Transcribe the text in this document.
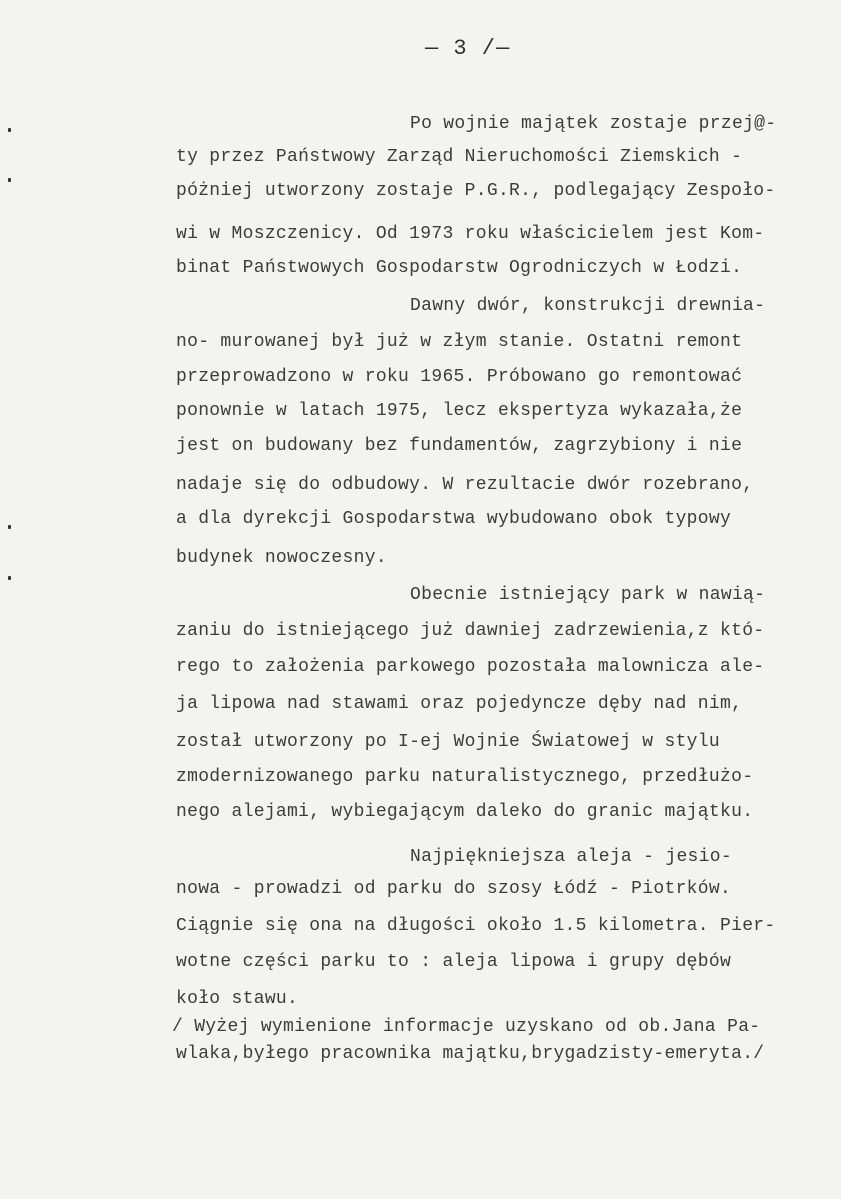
— 3 /—
Po wojnie majątek zostaje przej@-
ty przez Państwowy Zarząd Nieruchomości Ziemskich -
póżniej utworzony zostaje P.G.R., podlegający Zespoło-
wi w Moszczenicy. Od 1973 roku właścicielem jest Kom-
binat Państwowych Gospodarstw Ogrodniczych w Łodzi.
Dawny dwór, konstrukcji drewnia-
no- murowanej był już w złym stanie. Ostatni remont
przeprowadzono w roku 1965. Próbowano go remontować
ponownie w latach 1975, lecz ekspertyza wykazała,że
jest on budowany bez fundamentów, zagrzybiony i nie
nadaje się do odbudowy. W rezultacie dwór rozebrano,
a dla dyrekcji Gospodarstwa wybudowano obok typowy
budynek nowoczesny.
Obecnie istniejący park w nawią-
zaniu do istniejącego już dawniej zadrzewienia,z któ-
rego to założenia parkowego pozostała malownicza ale-
ja lipowa nad stawami oraz pojedyncze dęby nad nim,
został utworzony po I-ej Wojnie Światowej w stylu
zmodernizowanego parku naturalistycznego, przedłużo-
nego alejami, wybiegającym daleko do granic majątku.
Najpiękniejsza aleja - jesio-
nowa - prowadzi od parku do szosy Łódź - Piotrków.
Ciągnie się ona na długości około 1.5 kilometra. Pier-
wotne części parku to : aleja lipowa i grupy dębów
koło stawu.
/ Wyżej wymienione informacje uzyskano od ob.Jana Pa-
wlaka,byłego pracownika majątku,brygadzisty-emeryta./
